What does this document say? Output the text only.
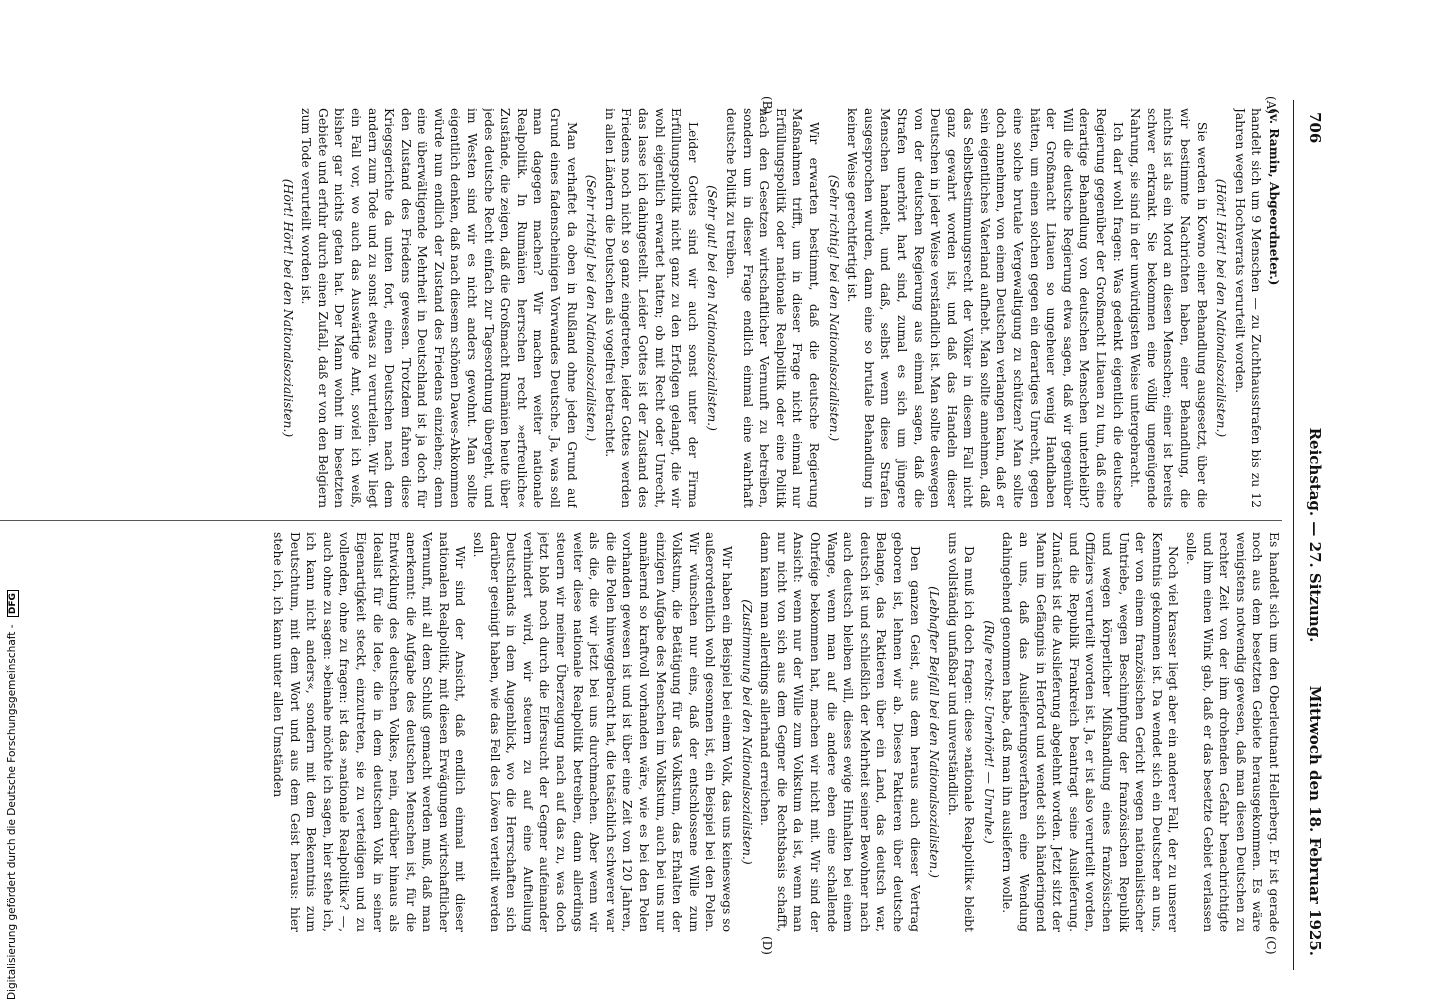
Digitalisierung gefördert durch die Deutsche Forschungsgemeinschaft - DFG
706
Reichstag. — 27. Sitzung.
Mittwoch den 18. Februar 1925.
(A)
(B)
(C)
(D)

(v. Ramin, Abgeordneter.)

handelt sich um 9 Menschen — zu Zuchthausstrafen bis zu 12 Jahren wegen Hochverrats verurteilt worden.

(Hört! Hört! bei den Nationalsozialisten.)

Sie werden in Kowno einer Behandlung ausgesetzt, über die wir bestimmte Nachrichten haben, einer Behandlung, die nichts ist als ein Mord an diesen Menschen; einer ist bereits schwer erkrankt. Sie bekommen eine völlig ungenügende Nahrung, sie sind in der unwürdigsten Weise untergebracht.

Ich darf wohl fragen: Was gedenkt eigentlich die deutsche Regierung gegenüber der Großmacht Litauen zu tun, daß eine derartige Behandlung von deutschen Menschen unterbleibt? Will die deutsche Regierung etwa sagen, daß wir gegenüber der Großmacht Litauen so ungeheuer wenig Handhaben hätten, um einen solchen gegen ein derartiges Unrecht, gegen eine solche brutale Vergewaltigung zu schützen? Man sollte doch annehmen, von einem Deutschen verlangen kann, daß er sein eigentliches Vaterland aufhebt. Man sollte annehmen, daß das Selbstbestimmungsrecht der Völker in diesem Fall nicht ganz gewahrt worden ist, und daß das Handeln dieser Deutschen in jeder Weise verständlich ist. Man sollte deswegen von der deutschen Regierung aus einmal sagen, daß die Strafen unerhört hart sind, zumal es sich um jüngere Menschen handelt, und daß, selbst wenn diese Strafen ausgesprochen wurden, dann eine so brutale Behandlung in keiner Weise gerechtfertigt ist.

(Sehr richtig! bei den Nationalsozialisten.)

Wir erwarten bestimmt, daß die deutsche Regierung Maßnahmen trifft, um in dieser Frage nicht einmal nur Erfüllungspolitik oder nationale Realpolitik oder eine Politik nach den Gesetzen wirtschaftlicher Vernunft zu betreiben, sondern um in dieser Frage endlich einmal eine wahrhaft deutsche Politik zu treiben.

(Sehr gut! bei den Nationalsozialisten.)

Leider Gottes sind wir auch sonst unter der Firma Erfüllungspolitik nicht ganz zu den Erfolgen gelangt, die wir wohl eigentlich erwartet hatten; ob mit Recht oder Unrecht, das lasse ich dahingestellt. Leider Gottes ist der Zustand des Friedens noch nicht so ganz eingetreten, leider Gottes werden in allen Ländern die Deutschen als vogelfrei betrachtet.

(Sehr richtig! bei den Nationalsozialisten.)

Man verhaftet da oben in Rußland ohne jeden Grund auf Grund eines fadenscheinigen Vorwandes Deutsche. Ja, was soll man dagegen machen? Wir machen weiter nationale Realpolitik. In Rumänien herrschen recht »erfreuliche« Zustände, die zeigen, daß die Großmacht Rumänien heute über jedes deutsche Recht einfach zur Tagesordnung übergeht, und im Westen sind wir es nicht anders gewohnt. Man sollte eigentlich denken, daß nach diesem schönen Dawes-Abkommen würde nun endlich der Zustand des Friedens einziehen; denn eine überwältigende Mehrheit in Deutschland ist ja doch für den Zustand des Friedens gewesen. Trotzdem fahren diese Kriegsgerichte da unten fort, einen Deutschen nach dem andern zum Tode und zu sonst etwas zu verurteilen. Wir liegt ein Fall vor, wo auch das Auswärtige Amt, soviel ich weiß, bisher gar nichts getan hat. Der Mann wohnt im besetzten Gebiete und erfuhr durch einen Zufall, daß er von den Belgiern zum Tode verurteilt worden ist.

(Hört! Hört! bei den Nationalsozialisten.)

Es handelt sich um den Oberleutnant Hellerberg. Er ist gerade noch aus dem besetzten Gebiete herausgekommen. Es wäre wenigstens notwendig gewesen, daß man diesen Deutschen zu rechter Zeit von der ihm drohenden Gefahr benachrichtigte und ihm einen Wink gab, daß er das besetzte Gebiet verlassen solle.

Noch viel krasser liegt aber ein anderer Fall, der zu unserer Kenntnis gekommen ist. Da wendet sich ein Deutscher an uns, der von einem französischen Gericht wegen nationalistischer Umtriebe, wegen Beschimpfung der französischen Republik und wegen körperlicher Mißhandlung eines französischen Offiziers verurteilt worden ist. Ja, er ist also verurteilt worden, und die Republik Frankreich beantragt seine Auslieferung. Zunächst ist die Auslieferung abgelehnt worden. Jetzt sitzt der Mann im Gefängnis in Herford und wendet sich händeringend an uns, daß das Auslieferungsverfahren eine Wendung dahingehend genommen habe, daß man ihn ausliefern wolle.

(Rufe rechts: Unerhört! — Unruhe.)

Da muß ich doch fragen: diese »nationale Realpolitik« bleibt uns vollständig unfaßbar und unverständlich.

(Lebhafter Beifall bei den Nationalsozialisten.)

Den ganzen Geist, aus dem heraus auch dieser Vertrag geboren ist, lehnen wir ab. Dieses Paktieren über deutsche Belange, das Paktieren über ein Land, das deutsch war, deutsch ist und schließlich der Mehrheit seiner Bewohner nach auch deutsch bleiben will, dieses ewige Hinhalten bei einem Wange, wenn man auf die andere eben eine schallende Ohrfeige bekommen hat, machen wir nicht mit. Wir sind der Ansicht: wenn nur der Wille zum Volkstum da ist, wenn man nur nicht von sich aus dem Gegner die Rechtsbasis schafft, dann kann man allerdings allerhand erreichen.

(Zustimmung bei den Nationalsozialisten.)

Wir haben ein Beispiel bei einem Volk, das uns keineswegs so außerordentlich wohl gesonnen ist, ein Beispiel bei den Polen. Wir wünschen nur eins, daß der entschlossene Wille zum Volkstum, die Betätigung für das Volkstum, das Erhalten der einzigen Aufgabe des Menschen im Volkstum, auch bei uns nur annähernd so kraftvoll vorhanden wäre, wie es bei den Polen vorhanden gewesen ist und ist über eine Zeit von 120 Jahren, die die Polen hinweggebracht hat, die tatsächlich schwerer war als die, die wir jetzt bei uns durchmachen. Aber wenn wir weiter diese nationale Realpolitik betreiben, dann allerdings steuern wir meiner Überzeugung nach auf das zu, was doch jetzt bloß noch durch die Eifersucht der Gegner aufeinander verhindert wird, wir steuern zu auf eine Aufteilung Deutschlands in dem Augenblick, wo die Herrschaften sich darüber geeinigt haben, wie das Fell des Löwen verteilt werden soll.

Wir sind der Ansicht, daß endlich einmal mit dieser nationalen Realpolitik, mit diesen Erwägungen wirtschaftlicher Vernunft, mit all dem Schluß gemacht werden muß, daß man anerkennt: die Aufgabe des deutschen Menschen ist, für die Entwicklung des deutschen Volkes, nein, darüber hinaus als Idealist für die Idee, die in dem deutschen Volk in seiner Eigenartigkeit steckt, einzutreten, sie zu verteidigen und zu vollenden, ohne zu fragen: ist das »nationale Realpolitik«? —, auch ohne zu sagen: »beinahe möchte ich sagen, hier stehe ich, ich kann nicht anders«, sondern mit dem Bekenntnis zum Deutschtum, mit dem Wort und aus dem Geist heraus: hier stehe ich, ich kann unter allen Umständen
